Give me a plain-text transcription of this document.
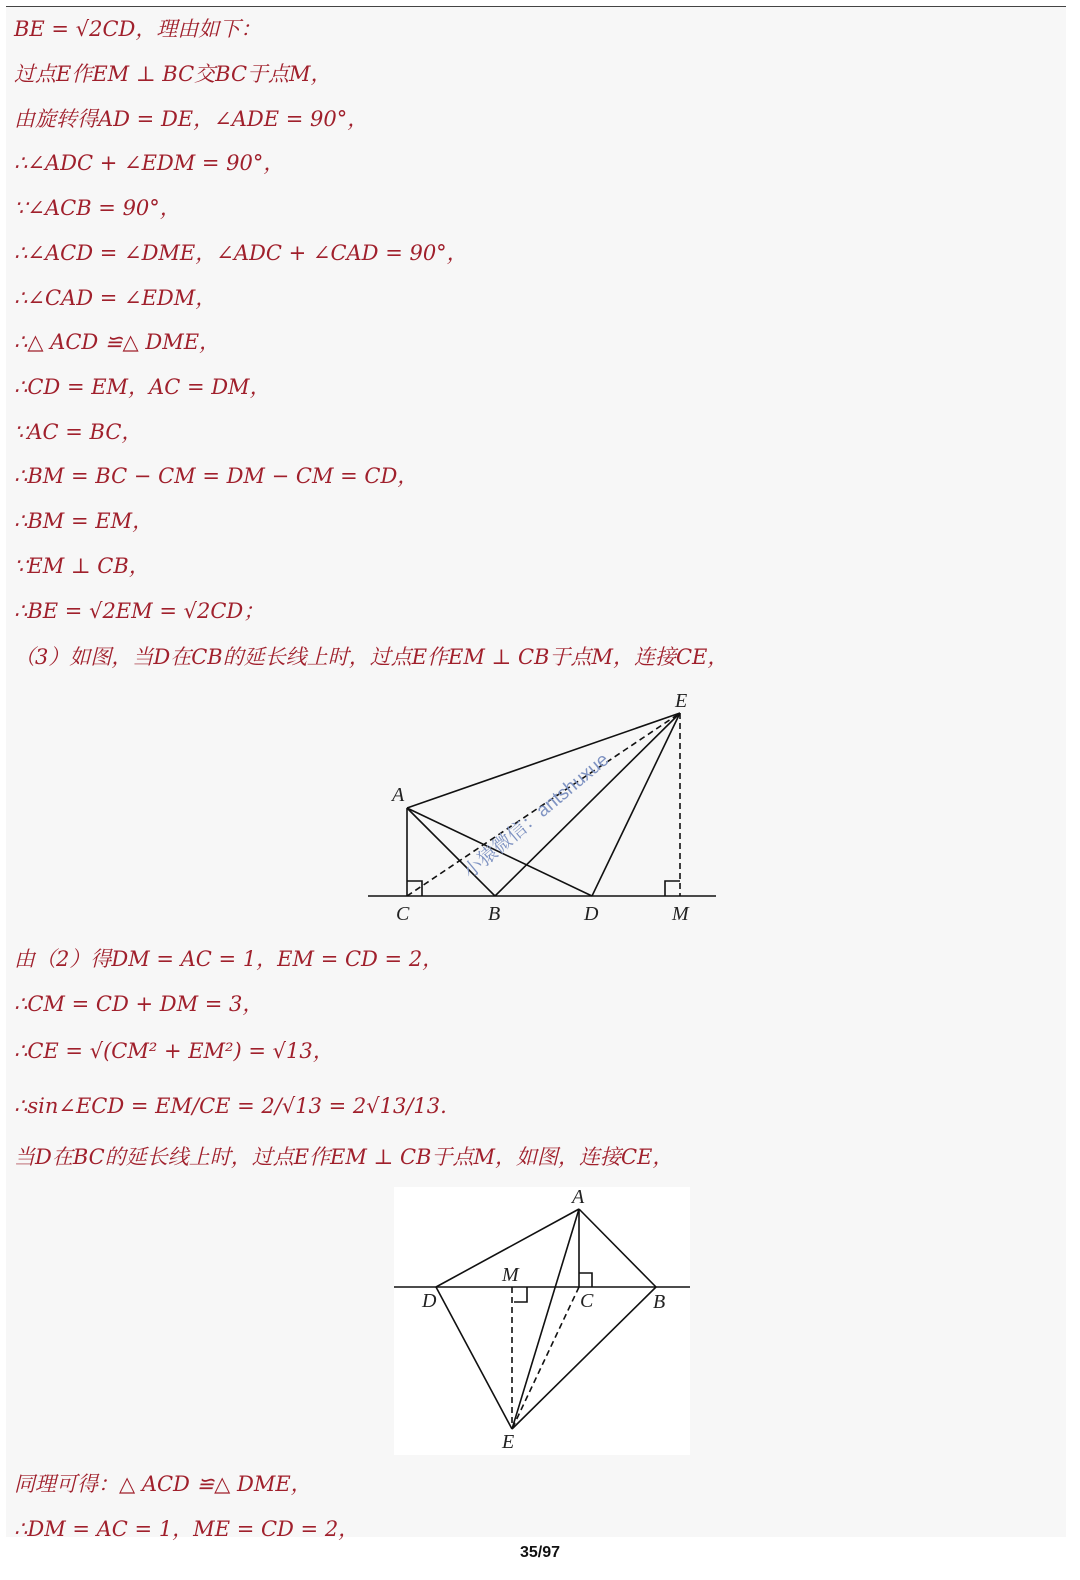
BE = √2CD，理由如下：
过点E作EM ⊥ BC交BC于点M，
由旋转得AD = DE，∠ADE = 90°，
∴∠ADC + ∠EDM = 90°，
∵∠ACB = 90°，
∴∠ACD = ∠DME，∠ADC + ∠CAD = 90°，
∴∠CAD = ∠EDM，
∴△ ACD ≌△ DME，
∴CD = EM，AC = DM，
∵AC = BC，
∴BM = BC − CM = DM − CM = CD，
∴BM = EM，
∵EM ⊥ CB，
∴BE = √2EM = √2CD；
（3）如图，当D在CB的延长线上时，过点E作EM ⊥ CB于点M，连接CE，
小猿微信：antshuxue
A
C	B	D	M
E
由（2）得DM = AC = 1，EM = CD = 2，
∴CM = CD + DM = 3，
∴CE = √(CM² + EM²) = √13，
∴sin∠ECD = EM/CE = 2/√13 = 2√13/13.
当D在BC的延长线上时，过点E作EM ⊥ CB于点M，如图，连接CE，
A
M
D	C	B
E
同理可得：△ ACD ≌△ DME，
∴DM = AC = 1，ME = CD = 2，
35/97
